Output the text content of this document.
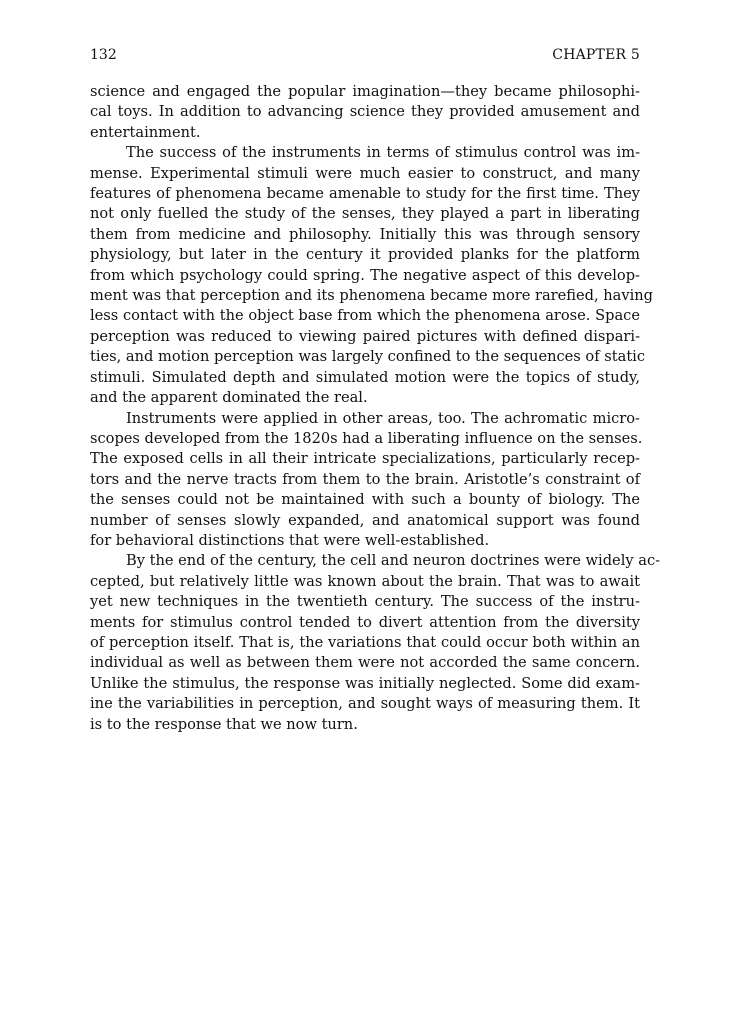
132	CHAPTER 5
science and engaged the popular imagination—they became philosophi-
cal toys. In addition to advancing science they provided amusement and
entertainment.
The success of the instruments in terms of stimulus control was im-
mense. Experimental stimuli were much easier to construct, and many
features of phenomena became amenable to study for the first time. They
not only fuelled the study of the senses, they played a part in liberating
them from medicine and philosophy. Initially this was through sensory
physiology, but later in the century it provided planks for the platform
from which psychology could spring. The negative aspect of this develop-
ment was that perception and its phenomena became more rarefied, having
less contact with the object base from which the phenomena arose. Space
perception was reduced to viewing paired pictures with defined dispari-
ties, and motion perception was largely confined to the sequences of static
stimuli. Simulated depth and simulated motion were the topics of study,
and the apparent dominated the real.
Instruments were applied in other areas, too. The achromatic micro-
scopes developed from the 1820s had a liberating influence on the senses.
The exposed cells in all their intricate specializations, particularly recep-
tors and the nerve tracts from them to the brain. Aristotle’s constraint of
the senses could not be maintained with such a bounty of biology. The
number of senses slowly expanded, and anatomical support was found
for behavioral distinctions that were well-established.
By the end of the century, the cell and neuron doctrines were widely ac-
cepted, but relatively little was known about the brain. That was to await
yet new techniques in the twentieth century. The success of the instru-
ments for stimulus control tended to divert attention from the diversity
of perception itself. That is, the variations that could occur both within an
individual as well as between them were not accorded the same concern.
Unlike the stimulus, the response was initially neglected. Some did exam-
ine the variabilities in perception, and sought ways of measuring them. It
is to the response that we now turn.
